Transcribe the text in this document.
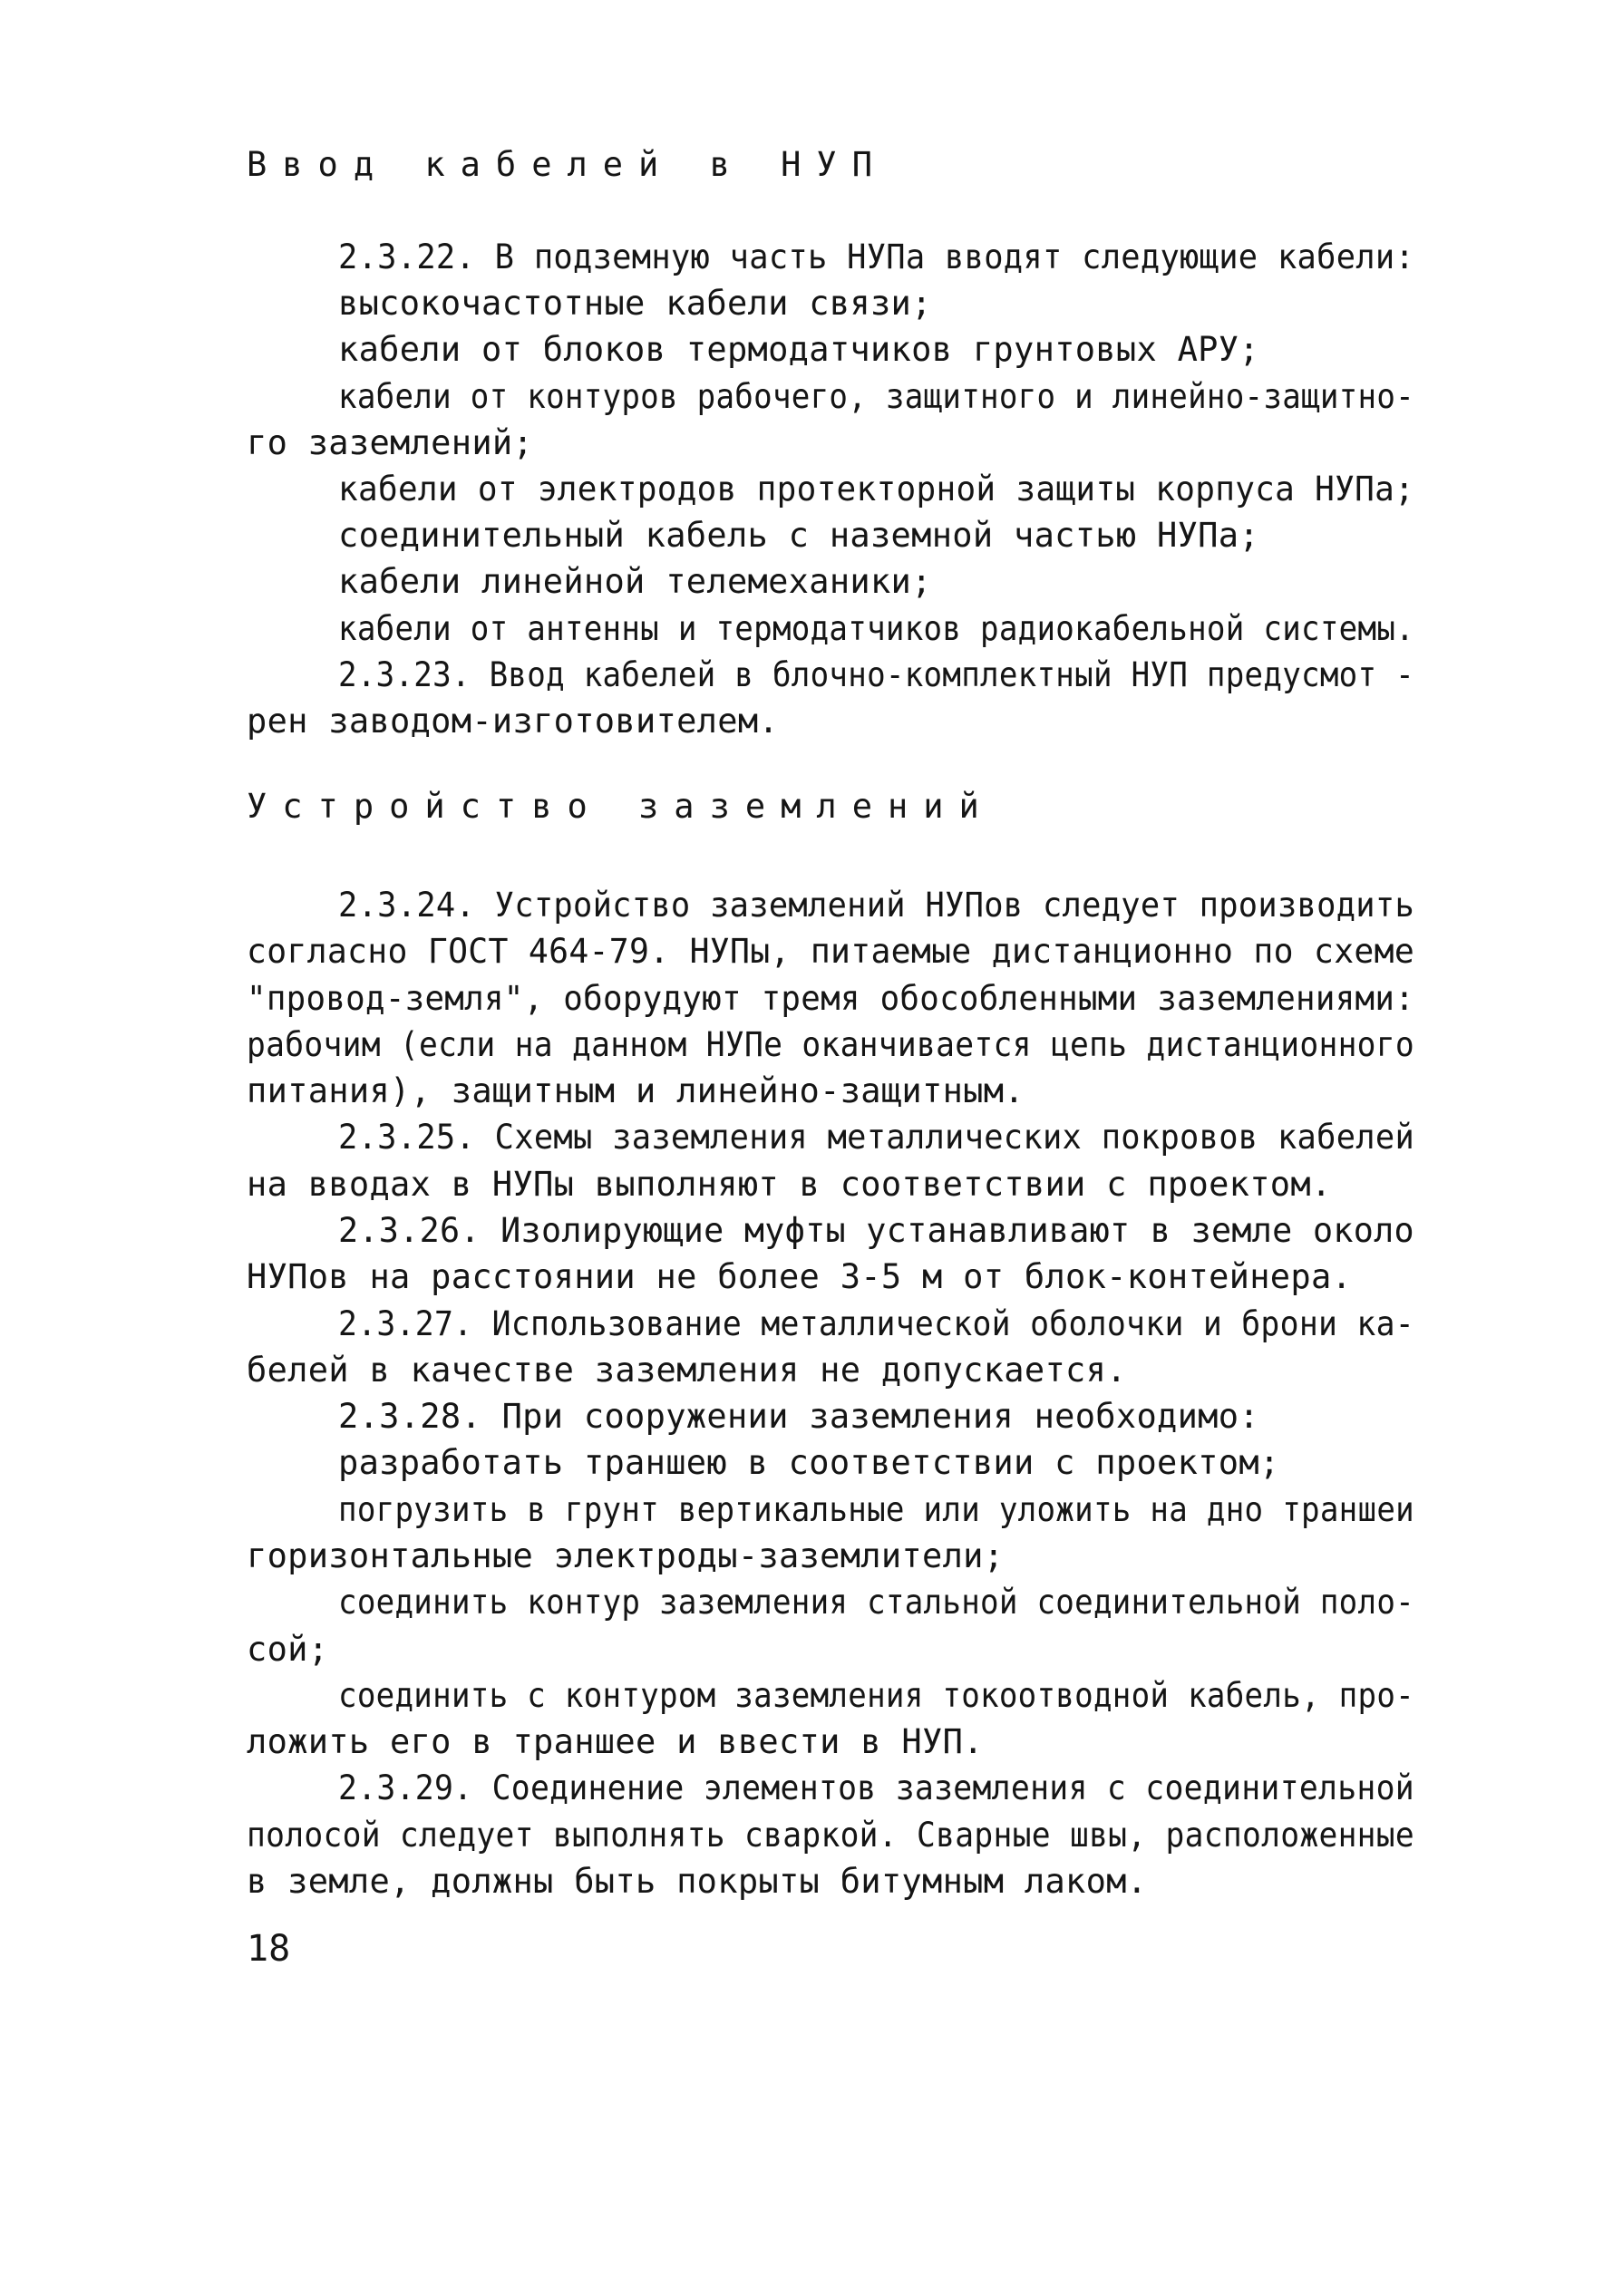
Ввод кабелей в НУП
2.3.22. В подземную часть НУПа вводят следующие кабели:
высокочастотные кабели связи;
кабели от блоков термодатчиков грунтовых АРУ;
кабели от контуров рабочего, защитного и линейно-защитно-
го заземлений;
кабели от электродов протекторной защиты корпуса НУПа;
соединительный кабель с наземной частью НУПа;
кабели линейной телемеханики;
кабели от антенны и термодатчиков радиокабельной системы.
2.3.23. Ввод кабелей в блочно-комплектный НУП предусмот -
рен заводом-изготовителем.
Устройство заземлений
2.3.24. Устройство заземлений НУПов следует производить
согласно ГОСТ 464-79. НУПы, питаемые дистанционно по схеме
"провод-земля", оборудуют тремя обособленными заземлениями:
рабочим (если на данном НУПе оканчивается цепь дистанционного
питания), защитным и линейно-защитным.
2.3.25. Схемы заземления металлических покровов кабелей
на вводах в НУПы выполняют в соответствии с проектом.
2.3.26. Изолирующие муфты устанавливают в земле около
НУПов на расстоянии не более 3-5 м от блок-контейнера.
2.3.27. Использование металлической оболочки и брони ка-
белей в качестве заземления не допускается.
2.3.28. При сооружении заземления необходимо:
разработать траншею в соответствии с проектом;
погрузить в грунт вертикальные или уложить на дно траншеи
горизонтальные электроды-заземлители;
соединить контур заземления стальной соединительной поло-
сой;
соединить с контуром заземления токоотводной кабель, про-
ложить его в траншее и ввести в НУП.
2.3.29. Соединение элементов заземления с соединительной
полосой следует выполнять сваркой. Сварные швы, расположенные
в земле, должны быть покрыты битумным лаком.
18
